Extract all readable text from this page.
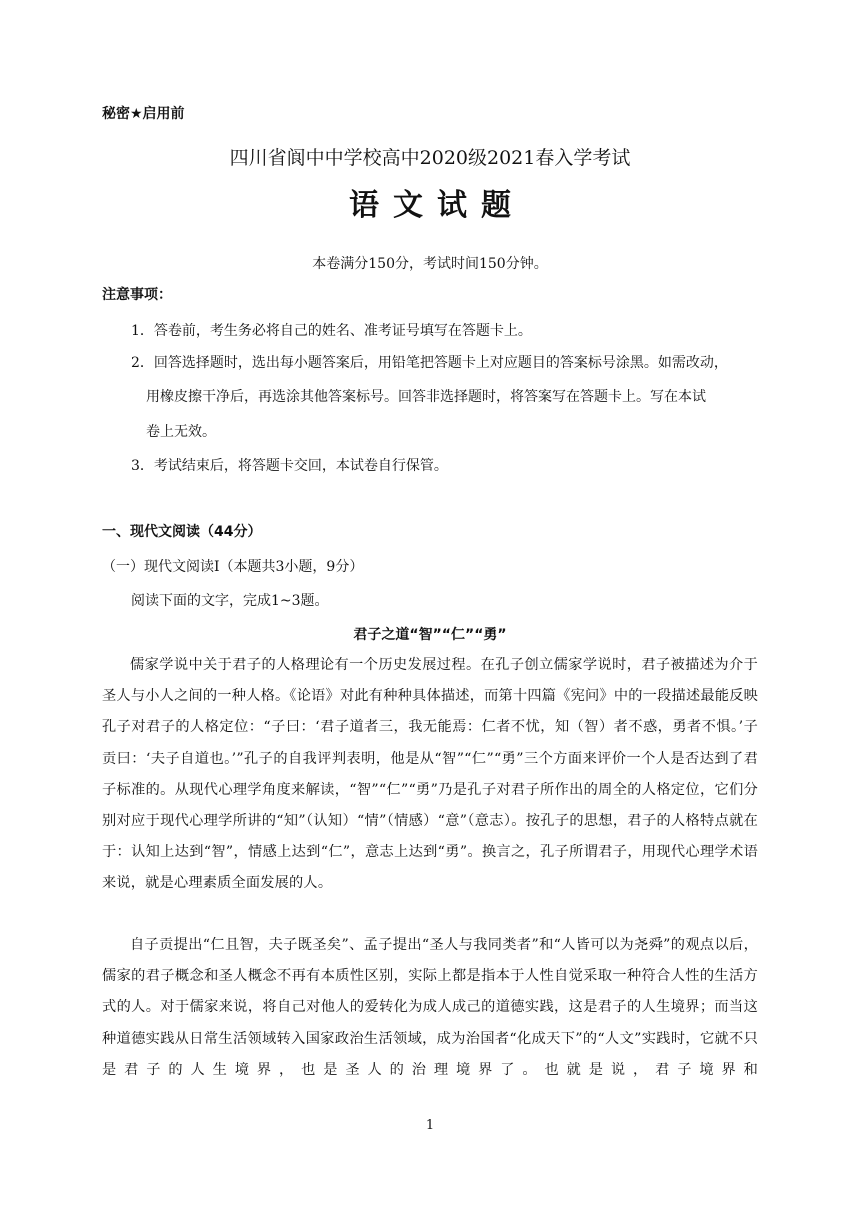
秘密★启用前
四川省阆中中学校高中2020级2021春入学考试
语文试题
本卷满分150分，考试时间150分钟。
注意事项：
1．答卷前，考生务必将自己的姓名、准考证号填写在答题卡上。
2．回答选择题时，选出每小题答案后，用铅笔把答题卡上对应题目的答案标号涂黑。如需改动，
用橡皮擦干净后，再选涂其他答案标号。回答非选择题时，将答案写在答题卡上。写在本试
卷上无效。
3．考试结束后，将答题卡交回，本试卷自行保管。
一、现代文阅读（44分）
（一）现代文阅读Ⅰ（本题共3小题，9分）
阅读下面的文字，完成1~3题。
君子之道“智”“仁”“勇”
儒家学说中关于君子的人格理论有一个历史发展过程。在孔子创立儒家学说时，君子被描述为介于圣人与小人之间的一种人格。《论语》对此有种种具体描述，而第十四篇《宪问》中的一段描述最能反映孔子对君子的人格定位：“子曰：‘君子道者三，我无能焉：仁者不忧，知（智）者不惑，勇者不惧。’子贡曰：‘夫子自道也。’”孔子的自我评判表明，他是从“智”“仁”“勇”三个方面来评价一个人是否达到了君子标准的。从现代心理学角度来解读，“智”“仁”“勇”乃是孔子对君子所作出的周全的人格定位，它们分别对应于现代心理学所讲的“知”（认知）“情”（情感）“意”（意志）。按孔子的思想，君子的人格特点就在于：认知上达到“智”，情感上达到“仁”，意志上达到“勇”。换言之，孔子所谓君子，用现代心理学术语来说，就是心理素质全面发展的人。
自子贡提出“仁且智，夫子既圣矣”、孟子提出“圣人与我同类者”和“人皆可以为尧舜”的观点以后，儒家的君子概念和圣人概念不再有本质性区别，实际上都是指本于人性自觉采取一种符合人性的生活方式的人。对于儒家来说，将自己对他人的爱转化为成人成己的道德实践，这是君子的人生境界；而当这种道德实践从日常生活领域转入国家政治生活领域，成为治国者“化成天下”的“人文”实践时，它就不只是君子的人生境界，也是圣人的治理境界了。也就是说，君子境界和
1
